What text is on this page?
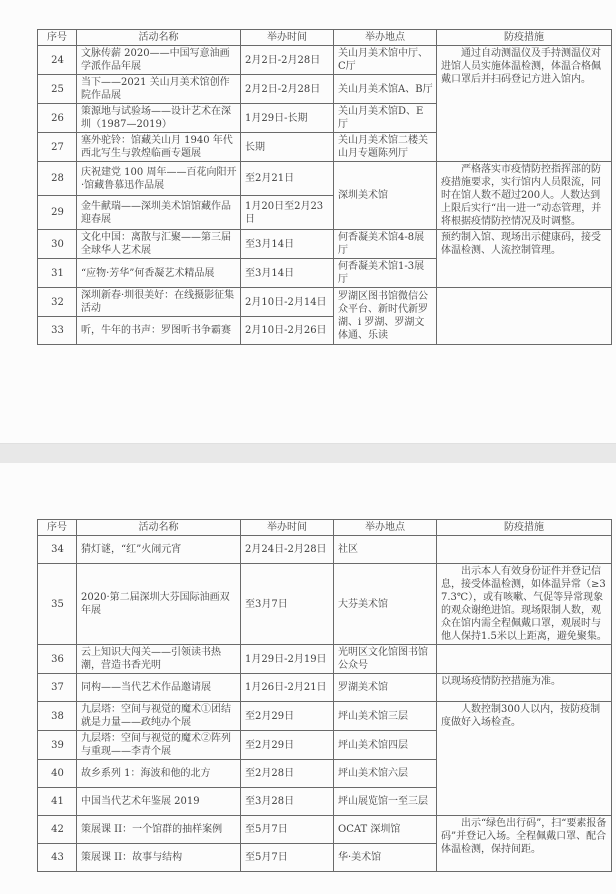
序号	活动名称	举办时间	举办地点	防疫措施
24	文脉传薪 2020——中国写意油画学派作品年展	2月2日-2月28日	关山月美术馆中厅、C厅	　　通过自动测温仪及手持测温仪对进馆人员实施体温检测，体温合格佩戴口罩后并扫码登记方进入馆内。
25	当下——2021 关山月美术馆创作院作品展	2月2日-2月28日	关山月美术馆A、B厅	
26	策源地与试验场——设计艺术在深圳（1987—2019）	1月29日-长期	关山月美术馆D、E厅	
27	塞外驼铃：馆藏关山月 1940 年代西北写生与敦煌临画专题展	长期	关山月美术馆二楼关山月专题陈列厅	
28	庆祝建党 100 周年——百花向阳开·馆藏鲁慕迅作品展	至2月21日	深圳美术馆	　　严格落实市疫情防控指挥部的防疫措施要求，实行馆内人员限流，同时在馆人数不超过200人。人数达到上限后实行“出一进一”动态管理，并将根据疫情防控情况及时调整。
29	金牛献瑞——深圳美术馆馆藏作品迎春展	1月20日至2月23日		
30	文化中国：离散与汇聚——第三届全球华人艺术展	至3月14日	何香凝美术馆4-8展厅	预约制入馆、现场出示健康码，接受体温检测、人流控制管理。
31	“应物·芳华”何香凝艺术精品展	至3月14日	何香凝美术馆1-3展厅	
32	深圳新春·圳很美好：在线摄影征集活动	2月10日-2月14日	罗湖区图书馆微信公众平台、新时代新罗湖、i 罗湖、罗湖文体通、乐读	
33	听，牛年的书声：罗图听书争霸赛	2月10日-2月26日		
序号	活动名称	举办时间	举办地点	防疫措施
34	猜灯谜，“红”火闹元宵	2月24日-2月28日	社区	
35	2020·第二届深圳大芬国际油画双年展	至3月7日	大芬美术馆	　　出示本人有效身份证件并登记信息，接受体温检测，如体温异常（≥37.3℃），或有咳嗽、气促等异常现象的观众谢绝进馆。现场限制人数，观众在馆内需全程佩戴口罩，观展时与他人保持1.5米以上距离，避免聚集。
36	云上知识大闯关——引领读书热潮，营造书香光明	1月29日-2月19日	光明区文化馆图书馆公众号	
37	同构——当代艺术作品邀请展	1月26日-2月21日	罗湖美术馆	以现场疫情防控措施为准。
38	九层塔：空间与视觉的魔术①团结就是力量——政纯办个展	至2月29日	坪山美术馆三层	　　人数控制300人以内，按防疫制度做好入场检查。
39	九层塔：空间与视觉的魔术②阵列与重现——李青个展	至2月29日	坪山美术馆四层	
40	故乡系列 1：海波和他的北方	至2月28日	坪山美术馆六层	
41	中国当代艺术年鉴展 2019	至3月28日	坪山展览馆一至三层	
42	策展课 II：一个馆群的抽样案例	至5月7日	OCAT 深圳馆	　　出示“绿色出行码”，扫“要素报备码”并登记入场。全程佩戴口罩、配合体温检测，保持间距。
43	策展课 II：故事与结构	至5月7日	华·美术馆	
